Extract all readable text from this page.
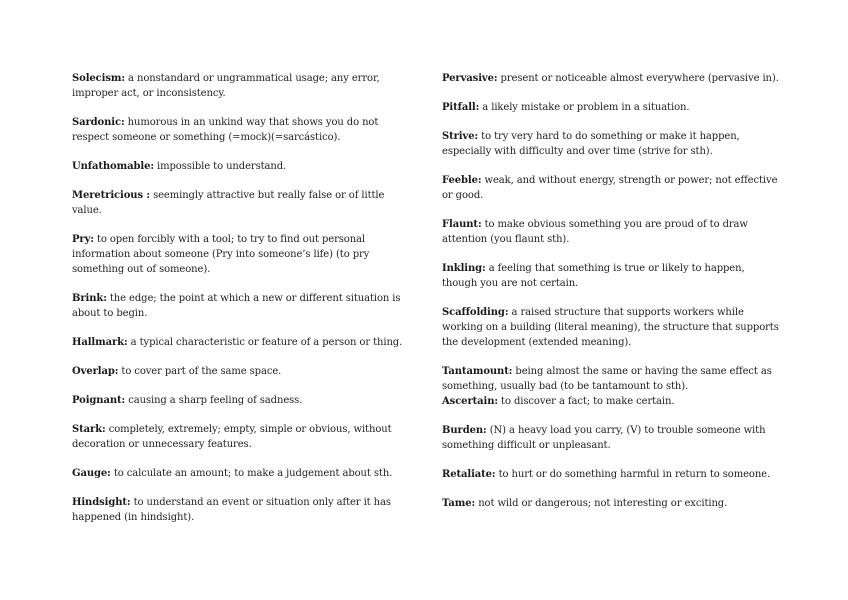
Solecism: a nonstandard or ungrammatical usage; any error, improper act, or inconsistency.

Sardonic: humorous in an unkind way that shows you do not respect someone or something (=mock)(=sarcástico).

Unfathomable: impossible to understand.

Meretricious : seemingly attractive but really false or of little value.

Pry: to open forcibly with a tool; to try to find out personal information about someone (Pry into someone’s life) (to pry something out of someone).

Brink: the edge; the point at which a new or different situation is about to begin.

Hallmark: a typical characteristic or feature of a person or thing.

Overlap: to cover part of the same space.

Poignant: causing a sharp feeling of sadness.

Stark: completely, extremely; empty, simple or obvious, without decoration or unnecessary features.

Gauge: to calculate an amount; to make a judgement about sth.

Hindsight: to understand an event or situation only after it has happened (in hindsight).

Pervasive: present or noticeable almost everywhere (pervasive in).

Pitfall: a likely mistake or problem in a situation.

Strive: to try very hard to do something or make it happen, especially with difficulty and over time (strive for sth).

Feeble: weak, and without energy, strength or power; not effective or good.

Flaunt: to make obvious something you are proud of to draw attention (you flaunt sth).

Inkling: a feeling that something is true or likely to happen, though you are not certain.

Scaffolding: a raised structure that supports workers while working on a building (literal meaning), the structure that supports the development (extended meaning).

Tantamount: being almost the same or having the same effect as something, usually bad (to be tantamount to sth).

Ascertain: to discover a fact; to make certain.

Burden: (N) a heavy load you carry, (V) to trouble someone with something difficult or unpleasant.

Retaliate: to hurt or do something harmful in return to someone.

Tame: not wild or dangerous; not interesting or exciting.
